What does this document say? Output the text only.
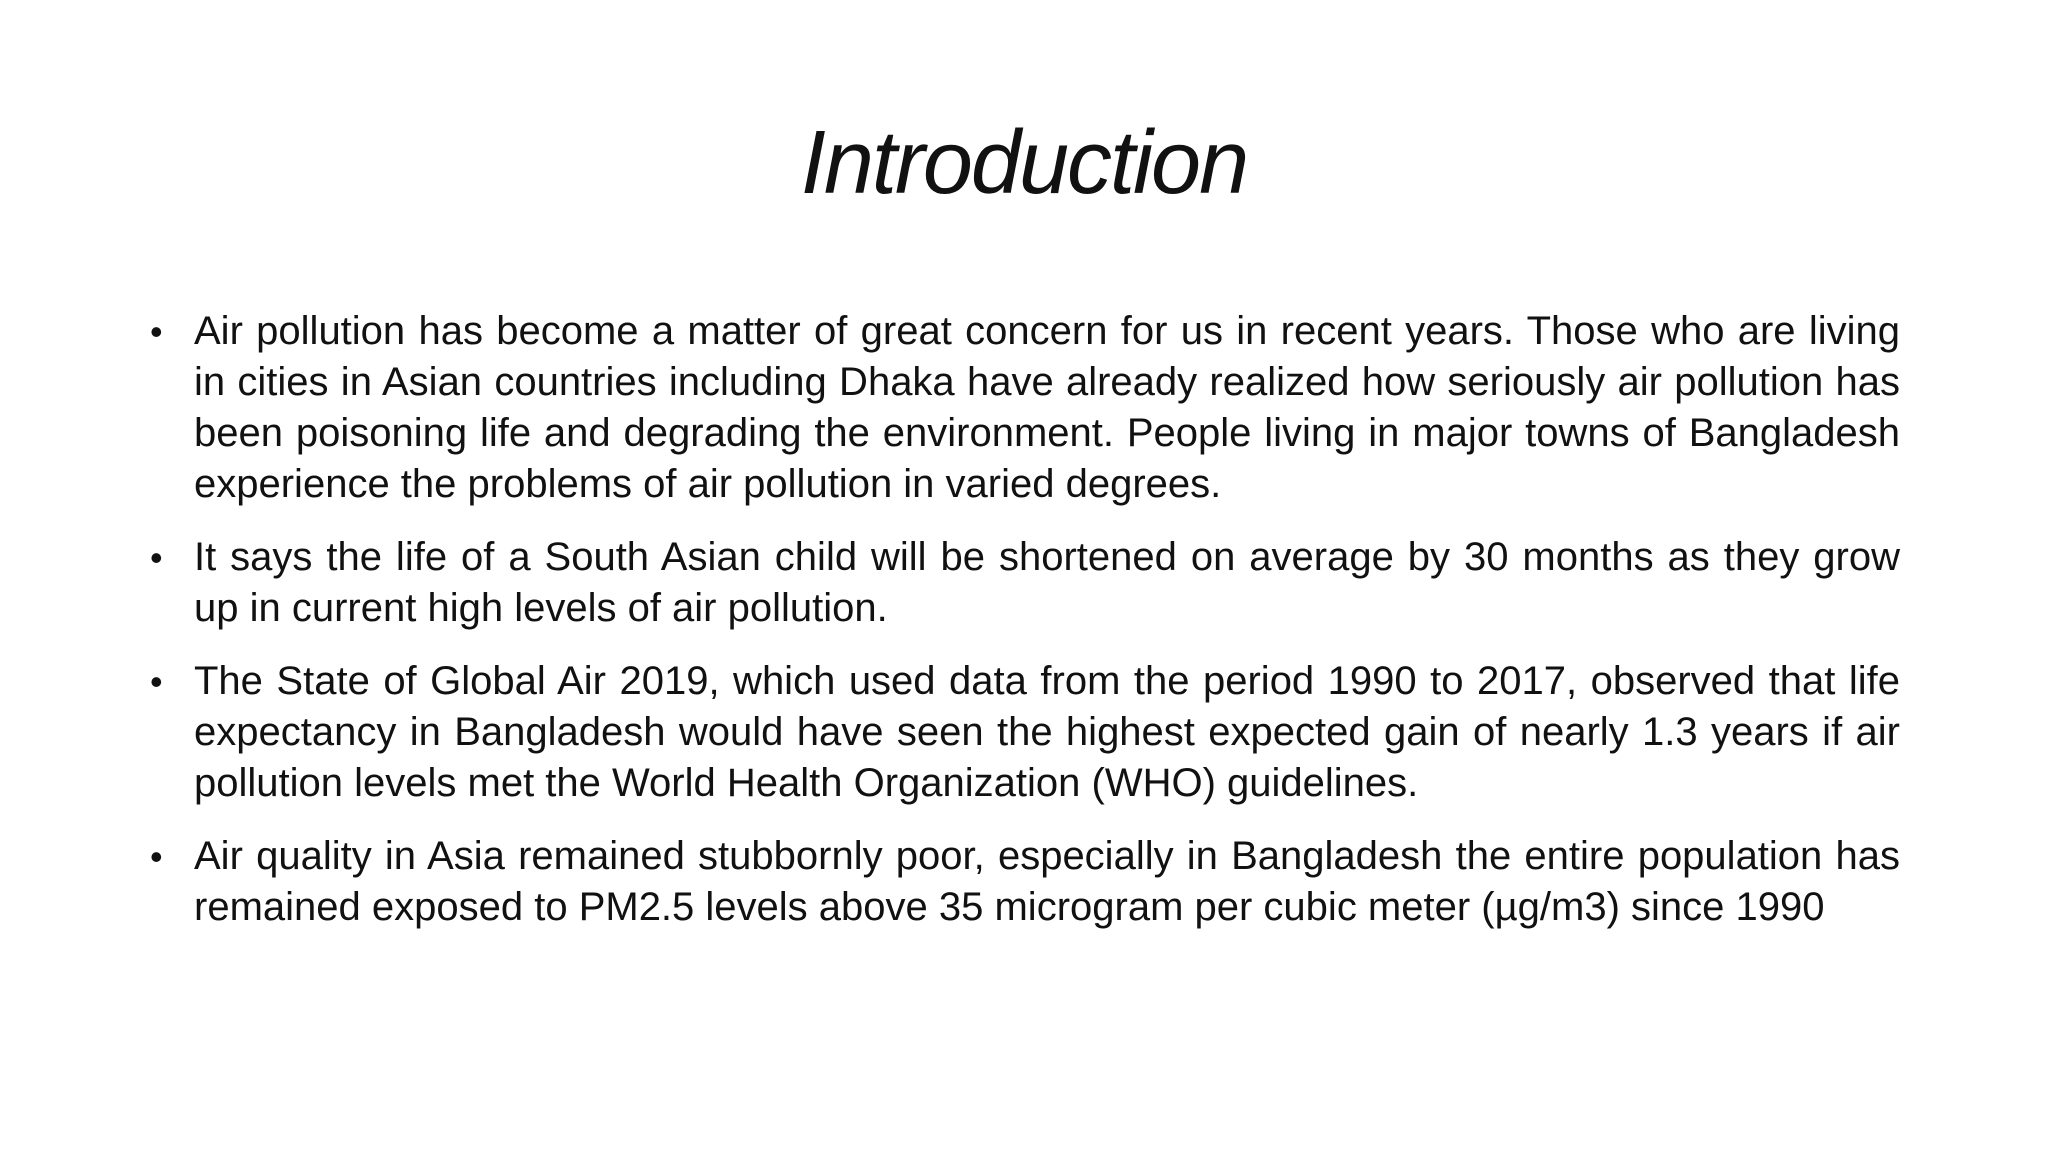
Introduction
• Air pollution has become a matter of great concern for us in recent years. Those who are living in cities in Asian countries including Dhaka have already realized how seriously air pollution has been poisoning life and degrading the environment. People living in major towns of Bangladesh experience the problems of air pollution in varied degrees.
• It says the life of a South Asian child will be shortened on average by 30 months as they grow up in current high levels of air pollution.
• The State of Global Air 2019, which used data from the period 1990 to 2017, observed that life expectancy in Bangladesh would have seen the highest expected gain of nearly 1.3 years if air pollution levels met the World Health Organization (WHO) guidelines.
• Air quality in Asia remained stubbornly poor, especially in Bangladesh the entire population has remained exposed to PM2.5 levels above 35 microgram per cubic meter (µg/m3) since 1990
